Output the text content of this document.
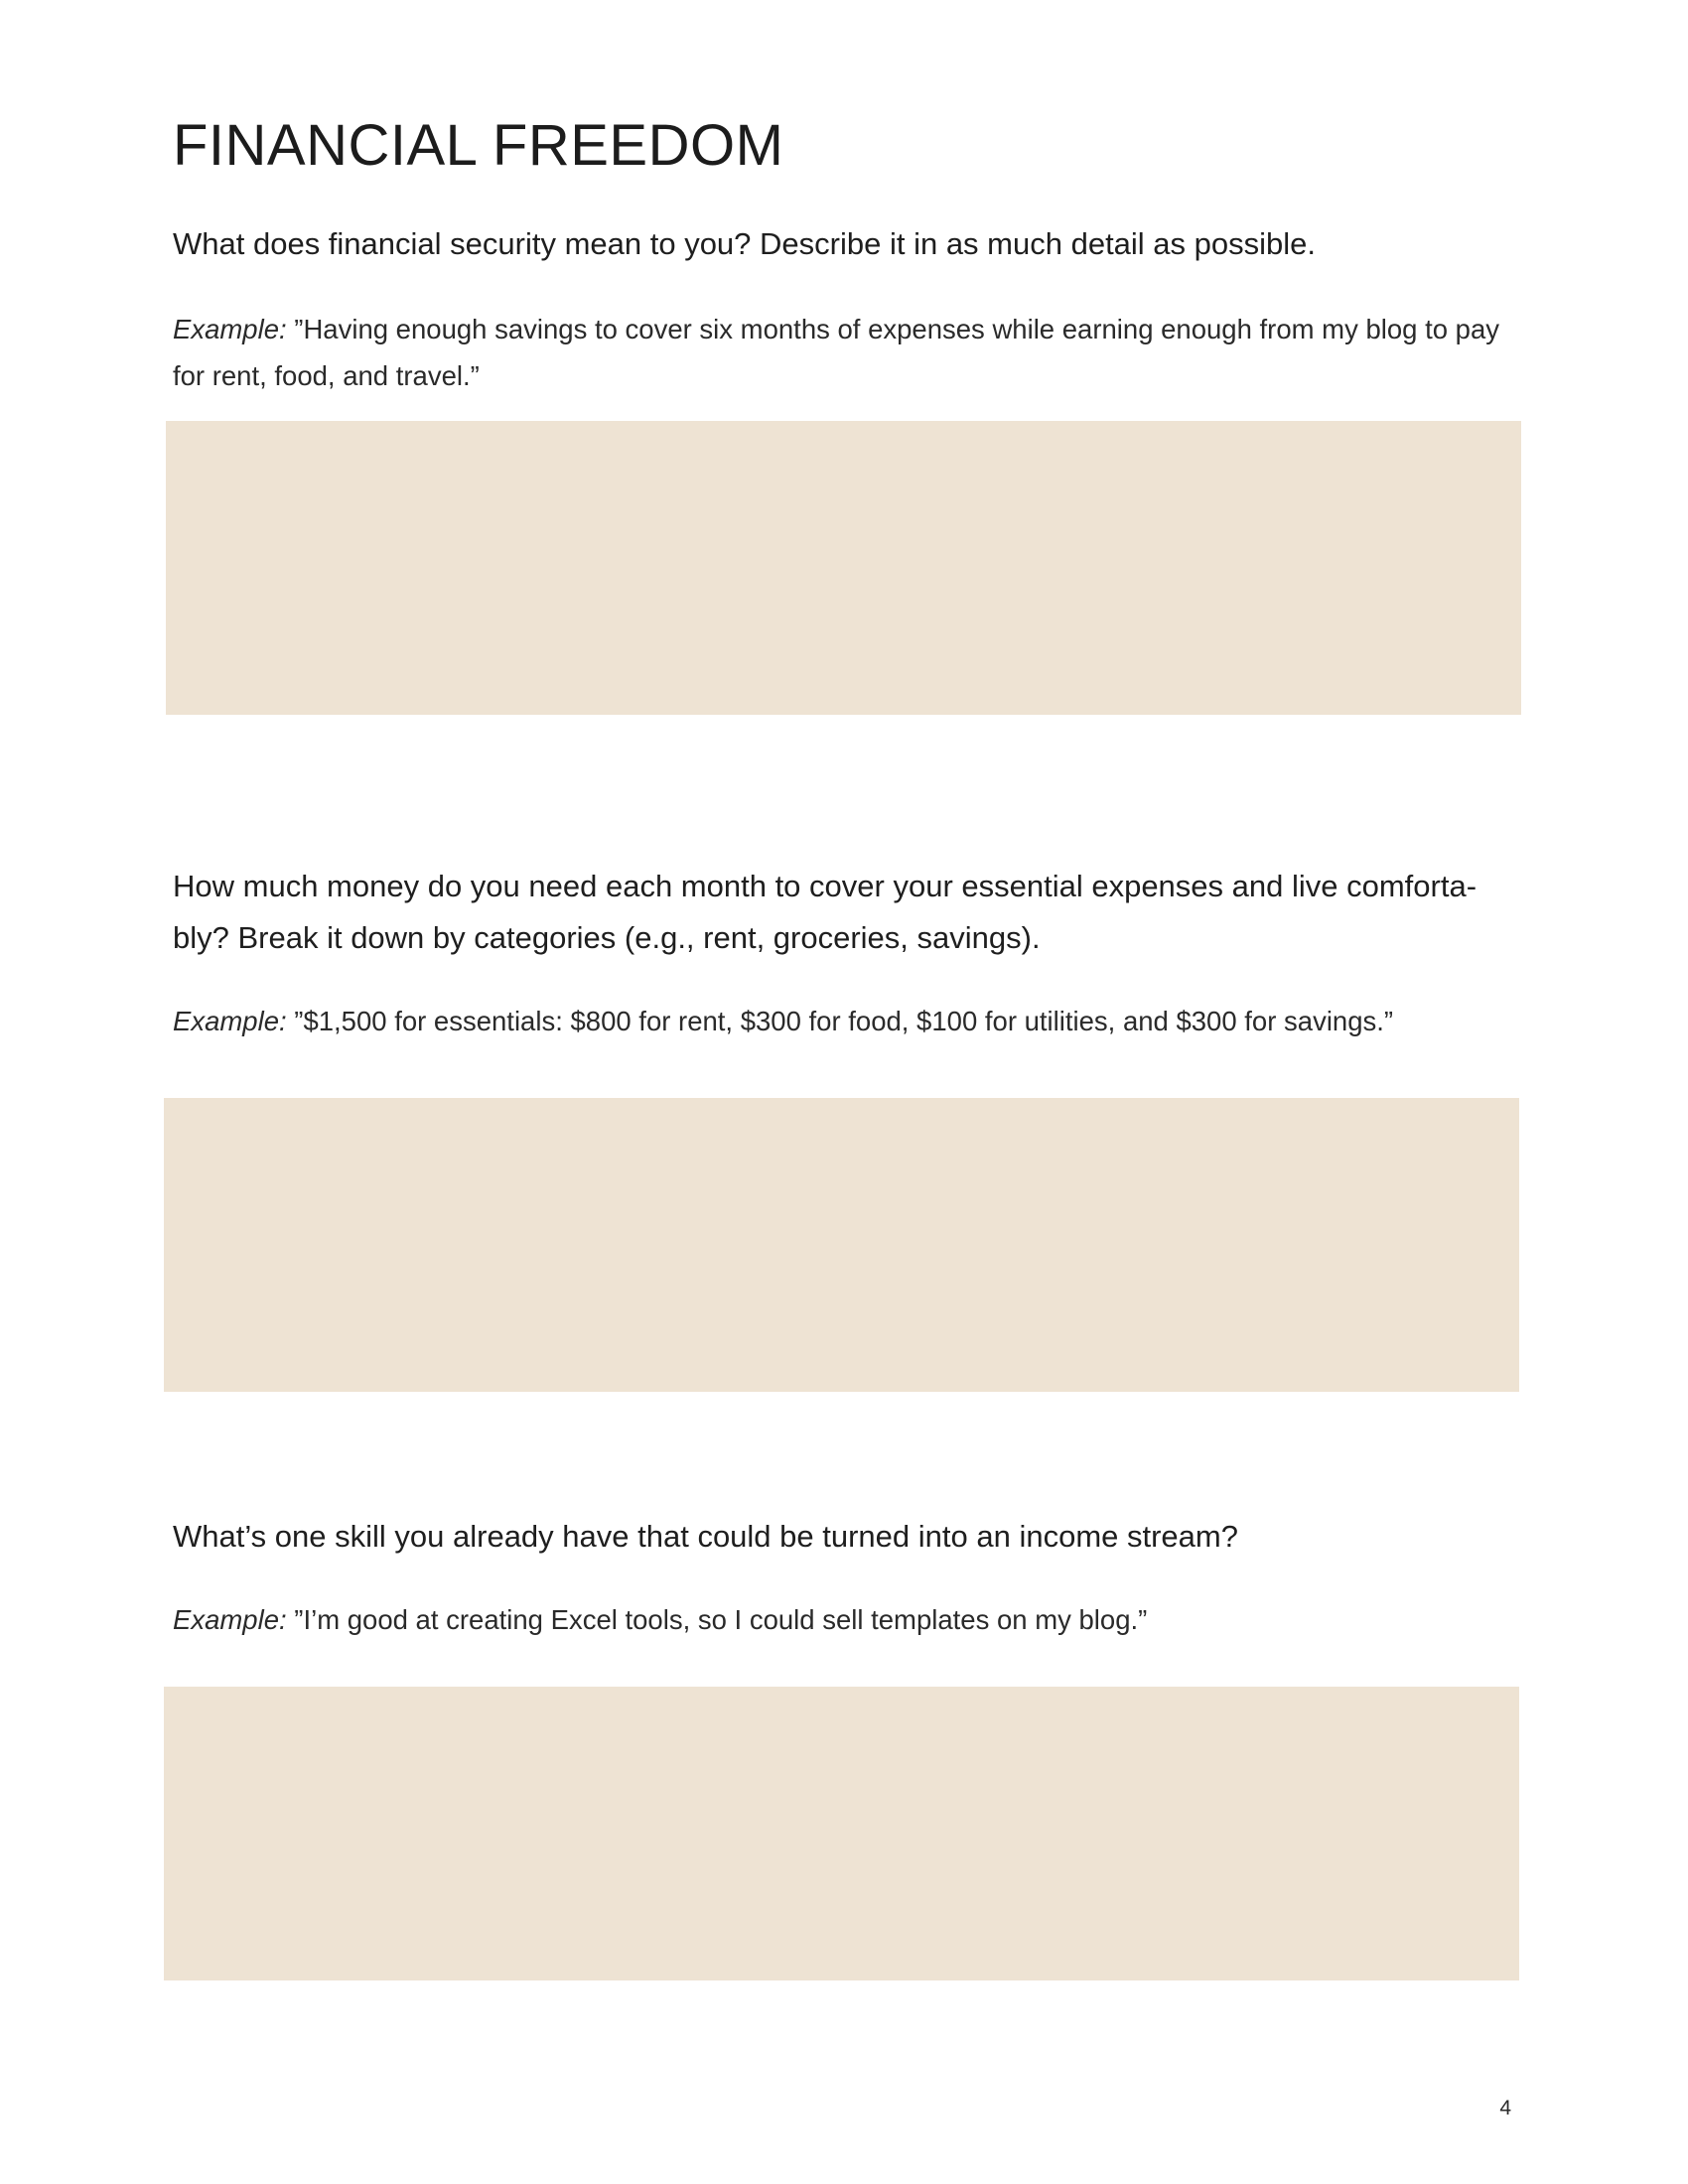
FINANCIAL FREEDOM

What does financial security mean to you? Describe it in as much detail as possible.

Example: ”Having enough savings to cover six months of expenses while earning enough from my blog to pay for rent, food, and travel.”

How much money do you need each month to cover your essential expenses and live comforta-bly? Break it down by categories (e.g., rent, groceries, savings).

Example: ”$1,500 for essentials: $800 for rent, $300 for food, $100 for utilities, and $300 for savings.”

What’s one skill you already have that could be turned into an income stream?

Example: ”I’m good at creating Excel tools, so I could sell templates on my blog.”

4
